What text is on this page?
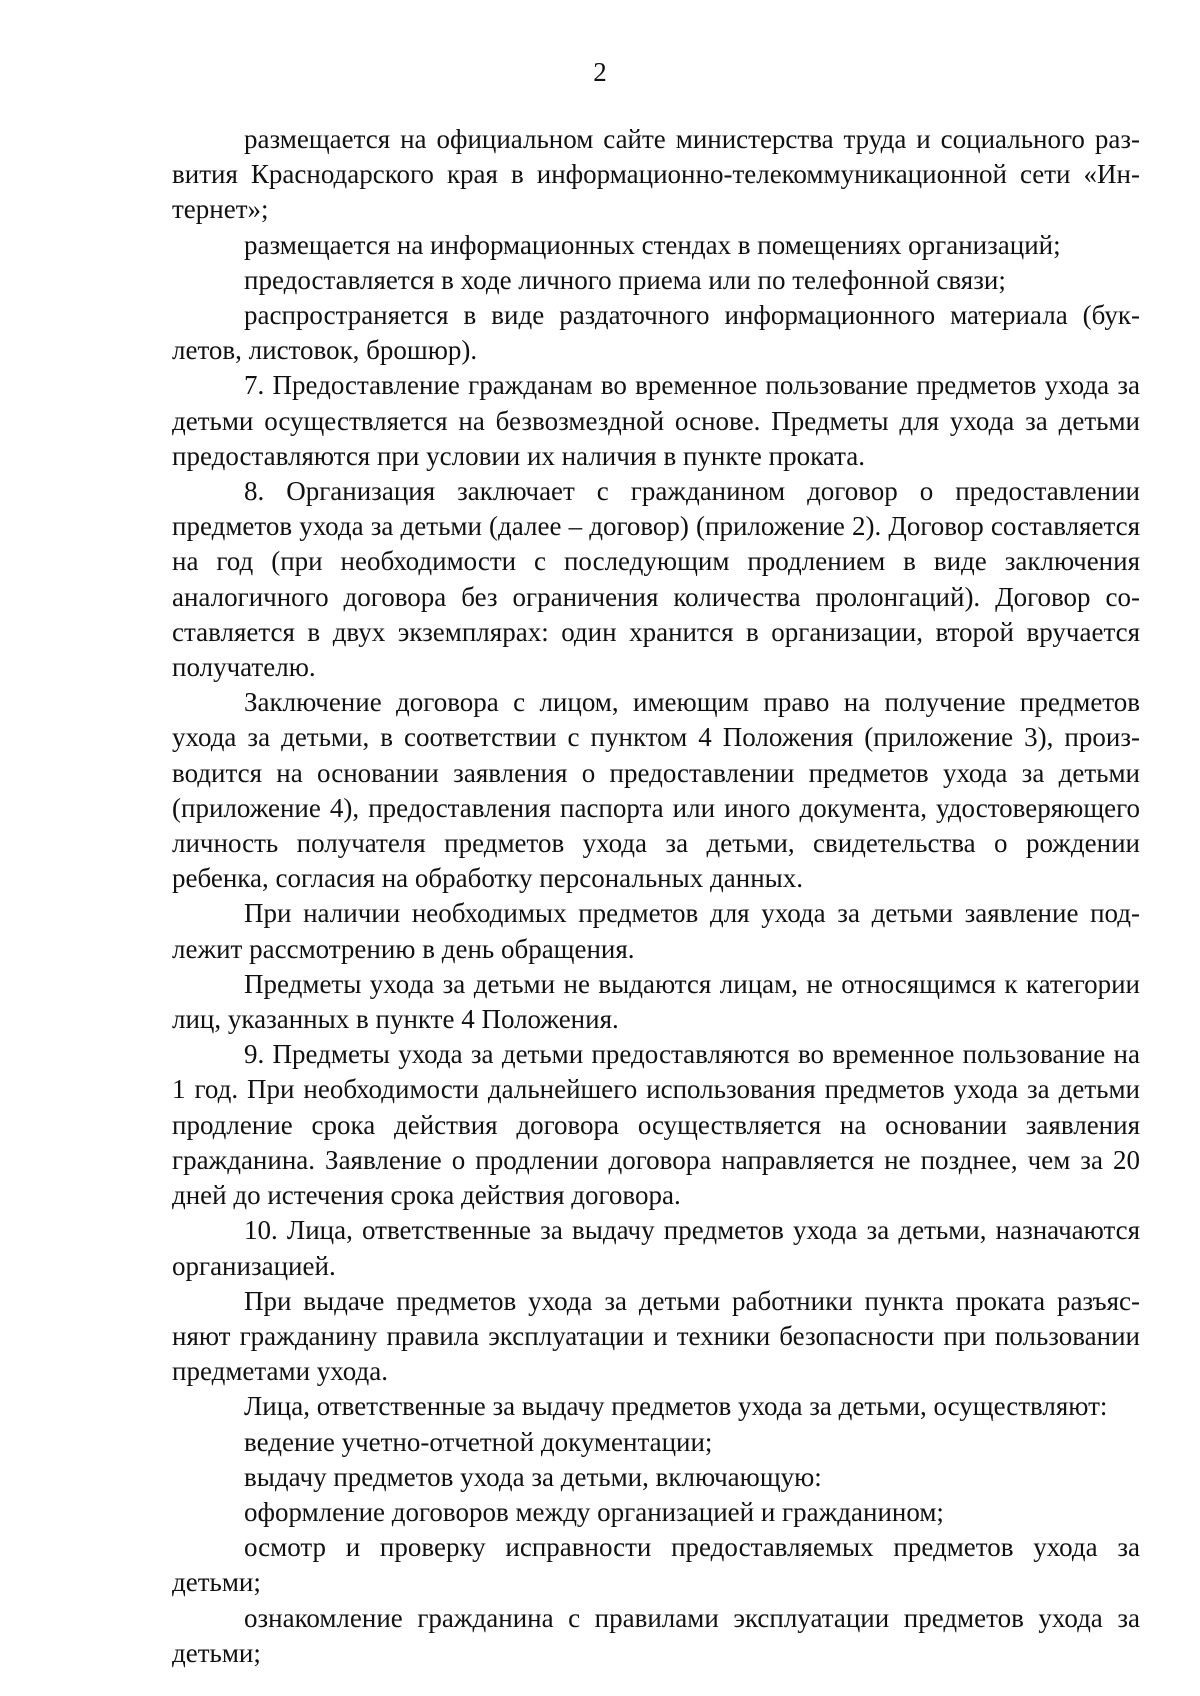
2

размещается на официальном сайте министерства труда и социального развития Краснодарского края в информационно-телекоммуникационной сети «Интернет»;

размещается на информационных стендах в помещениях организаций;

предоставляется в ходе личного приема или по телефонной связи;

распространяется в виде раздаточного информационного материала (буклетов, листовок, брошюр).

7. Предоставление гражданам во временное пользование предметов ухода за детьми осуществляется на безвозмездной основе. Предметы для ухода за детьми предоставляются при условии их наличия в пункте проката.

8. Организация заключает с гражданином договор о предоставлении предметов ухода за детьми (далее – договор) (приложение 2). Договор составляется на год (при необходимости с последующим продлением в виде заключения аналогичного договора без ограничения количества пролонгаций). Договор составляется в двух экземплярах: один хранится в организации, второй вручается получателю.

Заключение договора с лицом, имеющим право на получение предметов ухода за детьми, в соответствии с пунктом 4 Положения (приложение 3), производится на основании заявления о предоставлении предметов ухода за детьми (приложение 4), предоставления паспорта или иного документа, удостоверяющего личность получателя предметов ухода за детьми, свидетельства о рождении ребенка, согласия на обработку персональных данных.

При наличии необходимых предметов для ухода за детьми заявление подлежит рассмотрению в день обращения.

Предметы ухода за детьми не выдаются лицам, не относящимся к категории лиц, указанных в пункте 4 Положения.

9. Предметы ухода за детьми предоставляются во временное пользование на 1 год. При необходимости дальнейшего использования предметов ухода за детьми продление срока действия договора осуществляется на основании заявления гражданина. Заявление о продлении договора направляется не позднее, чем за 20 дней до истечения срока действия договора.

10. Лица, ответственные за выдачу предметов ухода за детьми, назначаются организацией.

При выдаче предметов ухода за детьми работники пункта проката разъясняют гражданину правила эксплуатации и техники безопасности при пользовании предметами ухода.

Лица, ответственные за выдачу предметов ухода за детьми, осуществляют:

ведение учетно-отчетной документации;

выдачу предметов ухода за детьми, включающую:

оформление договоров между организацией и гражданином;

осмотр и проверку исправности предоставляемых предметов ухода за детьми;

ознакомление гражданина с правилами эксплуатации предметов ухода за детьми;
